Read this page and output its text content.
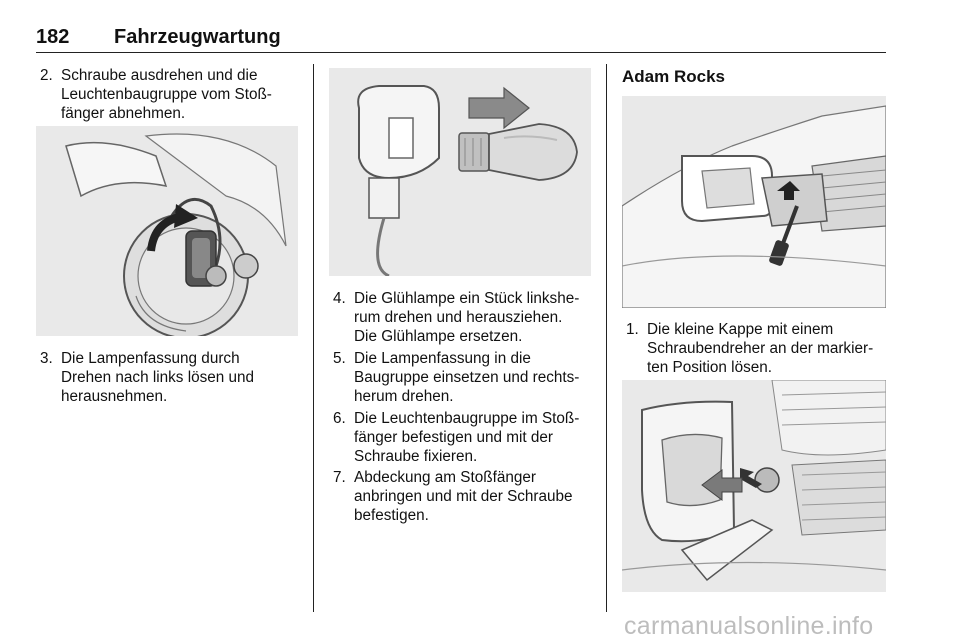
182 Fahrzeugwartung
2. Schraube ausdrehen und die
Leuchtenbaugruppe vom Stoß-
fänger abnehmen.
3. Die Lampenfassung durch
Drehen nach links lösen und
herausnehmen.
4. Die Glühlampe ein Stück linkshe-
rum drehen und herausziehen.
Die Glühlampe ersetzen.
5. Die Lampenfassung in die
Baugruppe einsetzen und rechts-
herum drehen.
6. Die Leuchtenbaugruppe im Stoß-
fänger befestigen und mit der
Schraube fixieren.
7. Abdeckung am Stoßfänger
anbringen und mit der Schraube
befestigen.
Adam Rocks
1. Die kleine Kappe mit einem
Schraubendreher an der markier-
ten Position lösen.
carmanualsonline.info
